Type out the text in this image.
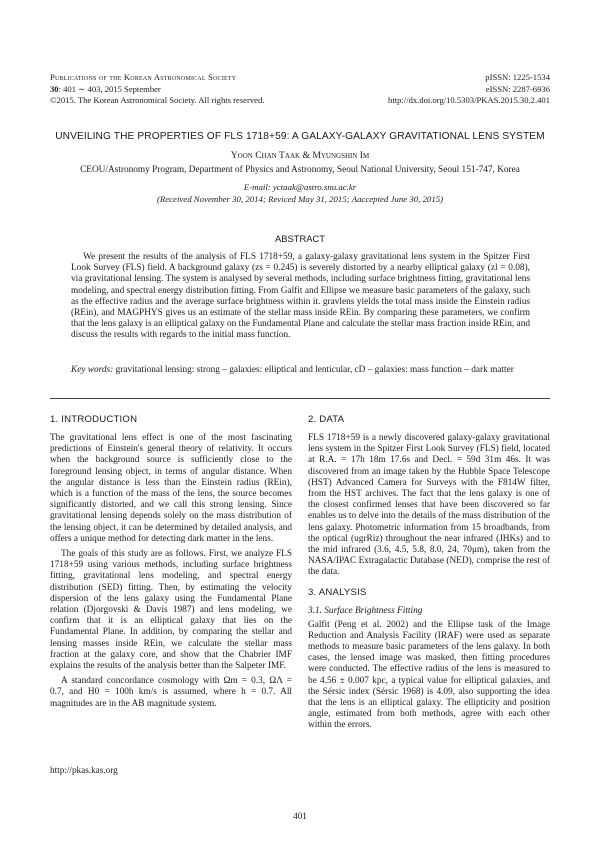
Publications of the Korean Astronomical Society
30: 401 ∼ 403, 2015 September
©2015. The Korean Astronomical Society. All rights reserved.
pISSN: 1225-1534
eISSN: 2287-6936
http://dx.doi.org/10.5303/PKAS.2015.30.2.401
UNVEILING THE PROPERTIES OF FLS 1718+59: A GALAXY-GALAXY GRAVITATIONAL LENS SYSTEM
Yoon Chan Taak & Myungshin Im
CEOU/Astronomy Program, Department of Physics and Astronomy, Seoul National University, Seoul 151-747, Korea
E-mail: yctaak@astro.snu.ac.kr
(Received November 30, 2014; Reviced May 31, 2015; Aaccepted June 30, 2015)
ABSTRACT

We present the results of the analysis of FLS 1718+59, a galaxy-galaxy gravitational lens system in the Spitzer First Look Survey (FLS) field. A background galaxy (zs = 0.245) is severely distorted by a nearby elliptical galaxy (zl = 0.08), via gravitational lensing. The system is analysed by several methods, including surface brightness fitting, gravitational lens modeling, and spectral energy distribution fitting. From Galfit and Ellipse we measure basic parameters of the galaxy, such as the effective radius and the average surface brightness within it. gravlens yields the total mass inside the Einstein radius (REin), and MAGPHYS gives us an estimate of the stellar mass inside REin. By comparing these parameters, we confirm that the lens galaxy is an elliptical galaxy on the Fundamental Plane and calculate the stellar mass fraction inside REin, and discuss the results with regards to the initial mass function.

Key words: gravitational lensing: strong – galaxies: elliptical and lenticular, cD – galaxies: mass function – dark matter

1. INTRODUCTION

The gravitational lens effect is one of the most fascinating predictions of Einstein's general theory of relativity. It occurs when the background source is sufficiently close to the foreground lensing object, in terms of angular distance. When the angular distance is less than the Einstein radius (REin), which is a function of the mass of the lens, the source becomes significantly distorted, and we call this strong lensing. Since gravitational lensing depends solely on the mass distribution of the lensing object, it can be determined by detailed analysis, and offers a unique method for detecting dark matter in the lens.

The goals of this study are as follows. First, we analyze FLS 1718+59 using various methods, including surface brightness fitting, gravitational lens modeling, and spectral energy distribution (SED) fitting. Then, by estimating the velocity dispersion of the lens galaxy using the Fundamental Plane relation (Djorgovski & Davis 1987) and lens modeling, we confirm that it is an elliptical galaxy that lies on the Fundamental Plane. In addition, by comparing the stellar and lensing masses inside REin, we calculate the stellar mass fraction at the galaxy core, and show that the Chabrier IMF explains the results of the analysis better than the Salpeter IMF.

A standard concordance cosmology with Ωm = 0.3, ΩΛ = 0.7, and H0 = 100h km/s is assumed, where h = 0.7. All magnitudes are in the AB magnitude system.

2. DATA

FLS 1718+59 is a newly discovered galaxy-galaxy gravitational lens system in the Spitzer First Look Survey (FLS) field, located at R.A. = 17h 18m 17.6s and Decl. = 59d 31m 46s. It was discovered from an image taken by the Hubble Space Telescope (HST) Advanced Camera for Surveys with the F814W filter, from the HST archives. The fact that the lens galaxy is one of the closest confirmed lenses that have been discovered so far enables us to delve into the details of the mass distribution of the lens galaxy. Photometric information from 15 broadbands, from the optical (ugrRiz) throughout the near infrared (JHKs) and to the mid infrared (3.6, 4.5, 5.8, 8.0, 24, 70μm), taken from the NASA/IPAC Extragalactic Database (NED), comprise the rest of the data.

3. ANALYSIS
3.1. Surface Brightness Fitting

Galfit (Peng et al. 2002) and the Ellipse task of the Image Reduction and Analysis Facility (IRAF) were used as separate methods to measure basic parameters of the lens galaxy. In both cases, the lensed image was masked, then fitting procedures were conducted. The effective radius of the lens is measured to be 4.56 ± 0.007 kpc, a typical value for elliptical galaxies, and the Sérsic index (Sérsic 1968) is 4.09, also supporting the idea that the lens is an elliptical galaxy. The ellipticity and position angle, estimated from both methods, agree with each other within the errors.

http://pkas.kas.org
401
